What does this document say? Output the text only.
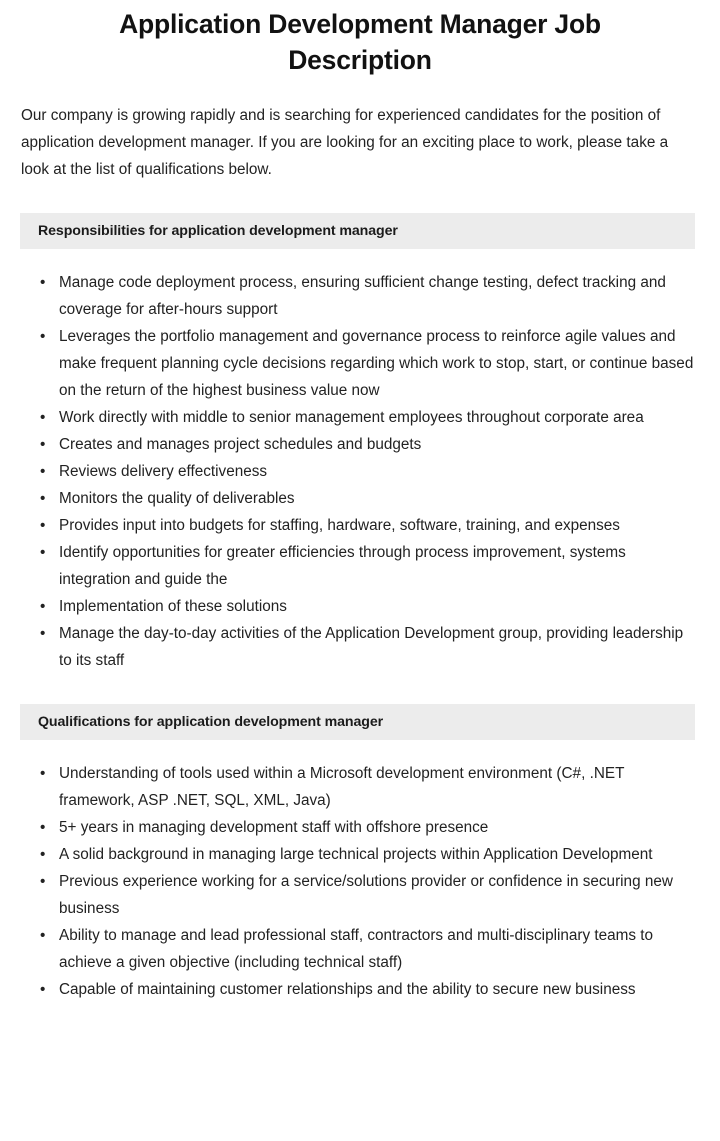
Application Development Manager Job Description

Our company is growing rapidly and is searching for experienced candidates for the position of application development manager. If you are looking for an exciting place to work, please take a look at the list of qualifications below.

Responsibilities for application development manager
• Manage code deployment process, ensuring sufficient change testing, defect tracking and coverage for after-hours support
• Leverages the portfolio management and governance process to reinforce agile values and make frequent planning cycle decisions regarding which work to stop, start, or continue based on the return of the highest business value now
• Work directly with middle to senior management employees throughout corporate area
• Creates and manages project schedules and budgets
• Reviews delivery effectiveness
• Monitors the quality of deliverables
• Provides input into budgets for staffing, hardware, software, training, and expenses
• Identify opportunities for greater efficiencies through process improvement, systems integration and guide the
• Implementation of these solutions
• Manage the day-to-day activities of the Application Development group, providing leadership to its staff
Qualifications for application development manager
• Understanding of tools used within a Microsoft development environment (C#, .NET framework, ASP .NET, SQL, XML, Java)
• 5+ years in managing development staff with offshore presence
• A solid background in managing large technical projects within Application Development
• Previous experience working for a service/solutions provider or confidence in securing new business
• Ability to manage and lead professional staff, contractors and multi-disciplinary teams to achieve a given objective (including technical staff)
• Capable of maintaining customer relationships and the ability to secure new business
